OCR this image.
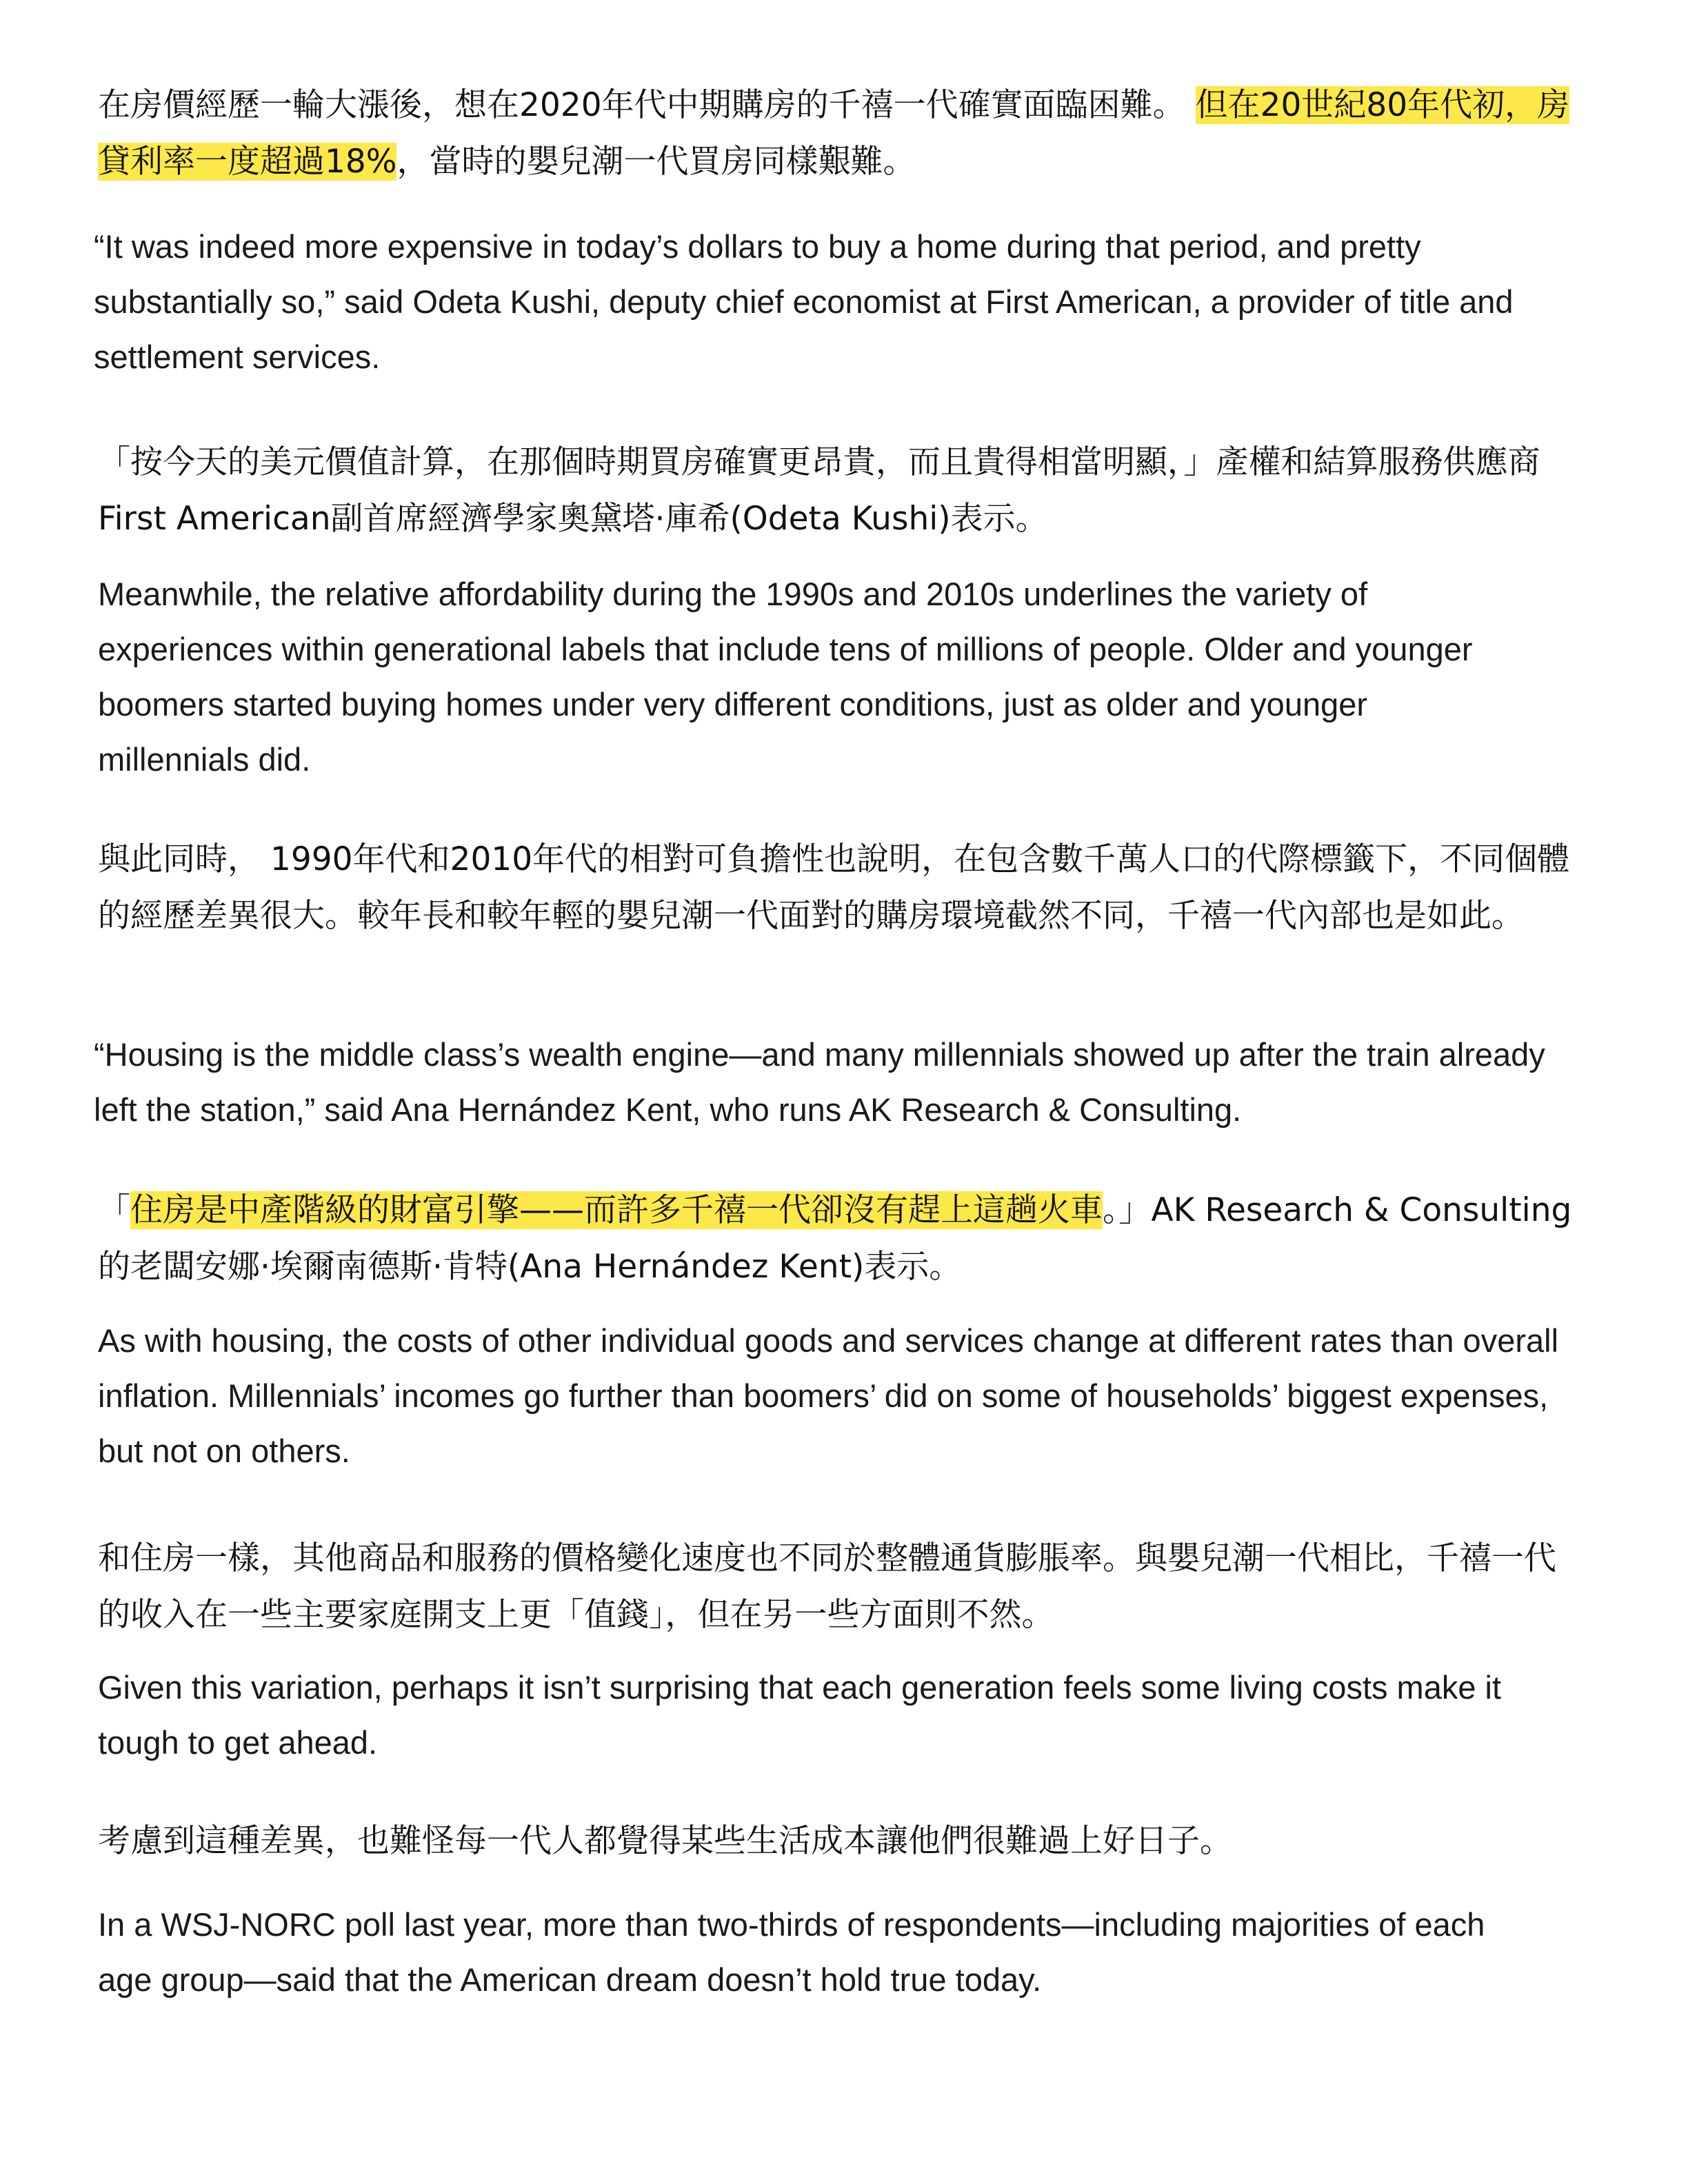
在房價經歷一輪大漲後，想在2020年代中期購房的千禧一代確實面臨困難。 但在20世紀80年代初，房貸利率一度超過18%，當時的嬰兒潮一代買房同樣艱難。

“It was indeed more expensive in today’s dollars to buy a home during that period, and pretty substantially so,” said Odeta Kushi, deputy chief economist at First American, a provider of title and settlement services.

「按今天的美元價值計算，在那個時期買房確實更昂貴，而且貴得相當明顯，」產權和結算服務供應商First American副首席經濟學家奧黛塔·庫希(Odeta Kushi)表示。

Meanwhile, the relative affordability during the 1990s and 2010s underlines the variety of experiences within generational labels that include tens of millions of people. Older and younger boomers started buying homes under very different conditions, just as older and younger millennials did.

與此同時， 1990年代和2010年代的相對可負擔性也說明，在包含數千萬人口的代際標籤下，不同個體的經歷差異很大。較年長和較年輕的嬰兒潮一代面對的購房環境截然不同，千禧一代內部也是如此。

“Housing is the middle class’s wealth engine—and many millennials showed up after the train already left the station,” said Ana Hernández Kent, who runs AK Research & Consulting.

「住房是中產階級的財富引擎——而許多千禧一代卻沒有趕上這趟火車。」AK Research & Consulting的老闆安娜·埃爾南德斯·肯特(Ana Hernández Kent)表示。

As with housing, the costs of other individual goods and services change at different rates than overall inflation. Millennials’ incomes go further than boomers’ did on some of households’ biggest expenses, but not on others.

和住房一樣，其他商品和服務的價格變化速度也不同於整體通貨膨脹率。與嬰兒潮一代相比，千禧一代的收入在一些主要家庭開支上更「值錢」，但在另一些方面則不然。

Given this variation, perhaps it isn’t surprising that each generation feels some living costs make it tough to get ahead.

考慮到這種差異，也難怪每一代人都覺得某些生活成本讓他們很難過上好日子。

In a WSJ-NORC poll last year, more than two-thirds of respondents—including majorities of each age group—said that the American dream doesn’t hold true today.
